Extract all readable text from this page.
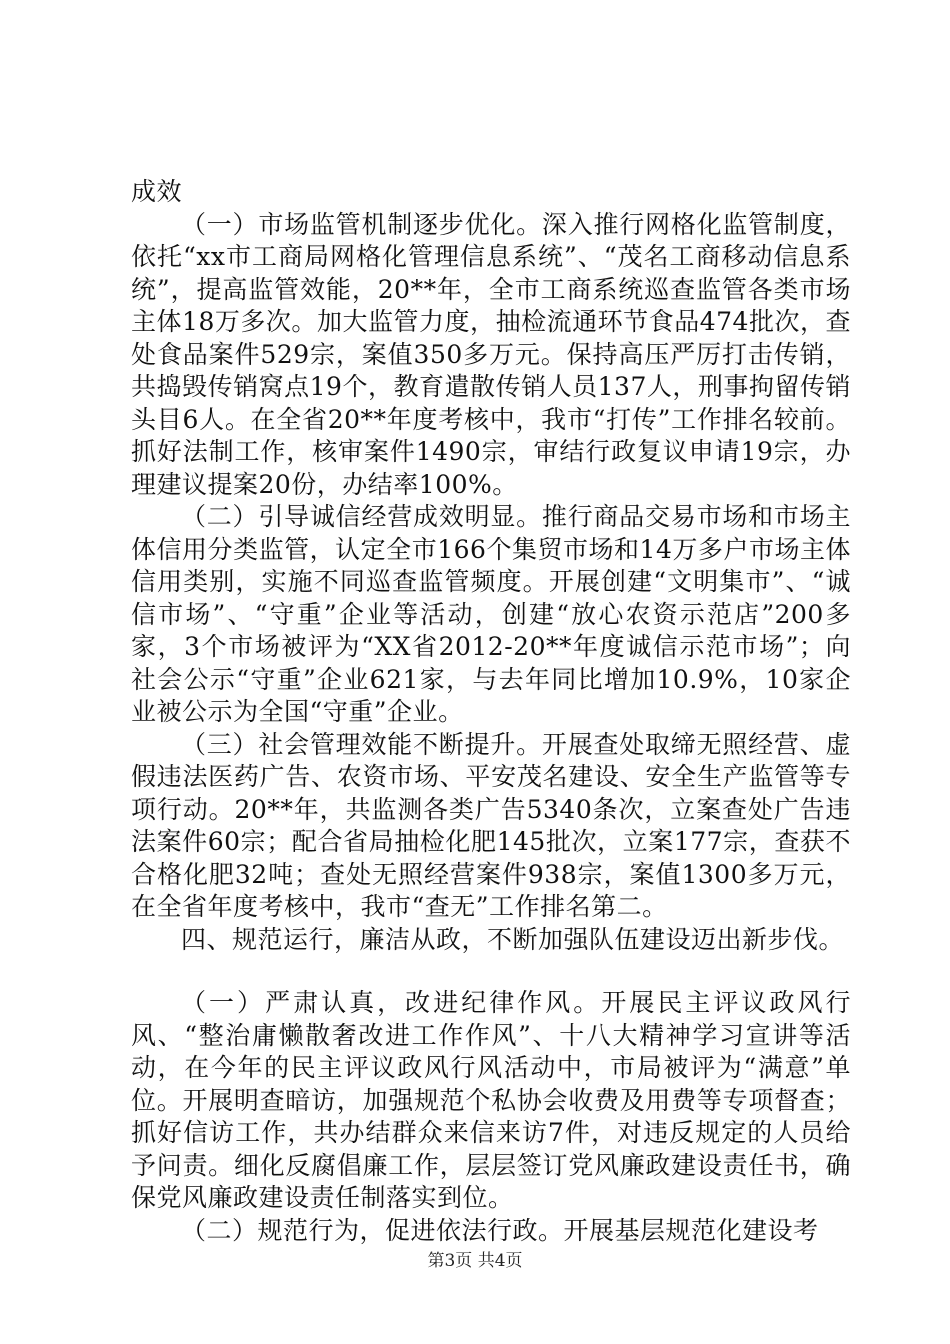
成效

（一）市场监管机制逐步优化。深入推行网格化监管制度，依托“xx市工商局网格化管理信息系统”、“茂名工商移动信息系统”，提高监管效能，20**年，全市工商系统巡查监管各类市场主体18万多次。加大监管力度，抽检流通环节食品474批次，查处食品案件529宗，案值350多万元。保持高压严厉打击传销，共捣毁传销窝点19个，教育遣散传销人员137人，刑事拘留传销头目6人。在全省20**年度考核中，我市“打传”工作排名较前。抓好法制工作，核审案件1490宗，审结行政复议申请19宗，办理建议提案20份，办结率100%。

（二）引导诚信经营成效明显。推行商品交易市场和市场主体信用分类监管，认定全市166个集贸市场和14万多户市场主体信用类别，实施不同巡查监管频度。开展创建“文明集市”、“诚信市场”、“守重”企业等活动，创建“放心农资示范店”200多家，3个市场被评为“XX省2012-20**年度诚信示范市场”；向社会公示“守重”企业621家，与去年同比增加10.9%，10家企业被公示为全国“守重”企业。

（三）社会管理效能不断提升。开展查处取缔无照经营、虚假违法医药广告、农资市场、平安茂名建设、安全生产监管等专项行动。20**年，共监测各类广告5340条次，立案查处广告违法案件60宗；配合省局抽检化肥145批次，立案177宗，查获不合格化肥32吨；查处无照经营案件938宗，案值1300多万元，在全省年度考核中，我市“查无”工作排名第二。

四、规范运行，廉洁从政，不断加强队伍建设迈出新步伐。

（一）严肃认真，改进纪律作风。开展民主评议政风行风、“整治庸懒散奢改进工作作风”、十八大精神学习宣讲等活动，在今年的民主评议政风行风活动中，市局被评为“满意”单位。开展明查暗访，加强规范个私协会收费及用费等专项督查；抓好信访工作，共办结群众来信来访7件，对违反规定的人员给予问责。细化反腐倡廉工作，层层签订党风廉政建设责任书，确保党风廉政建设责任制落实到位。

（二）规范行为，促进依法行政。开展基层规范化建设考

第3页 共4页
